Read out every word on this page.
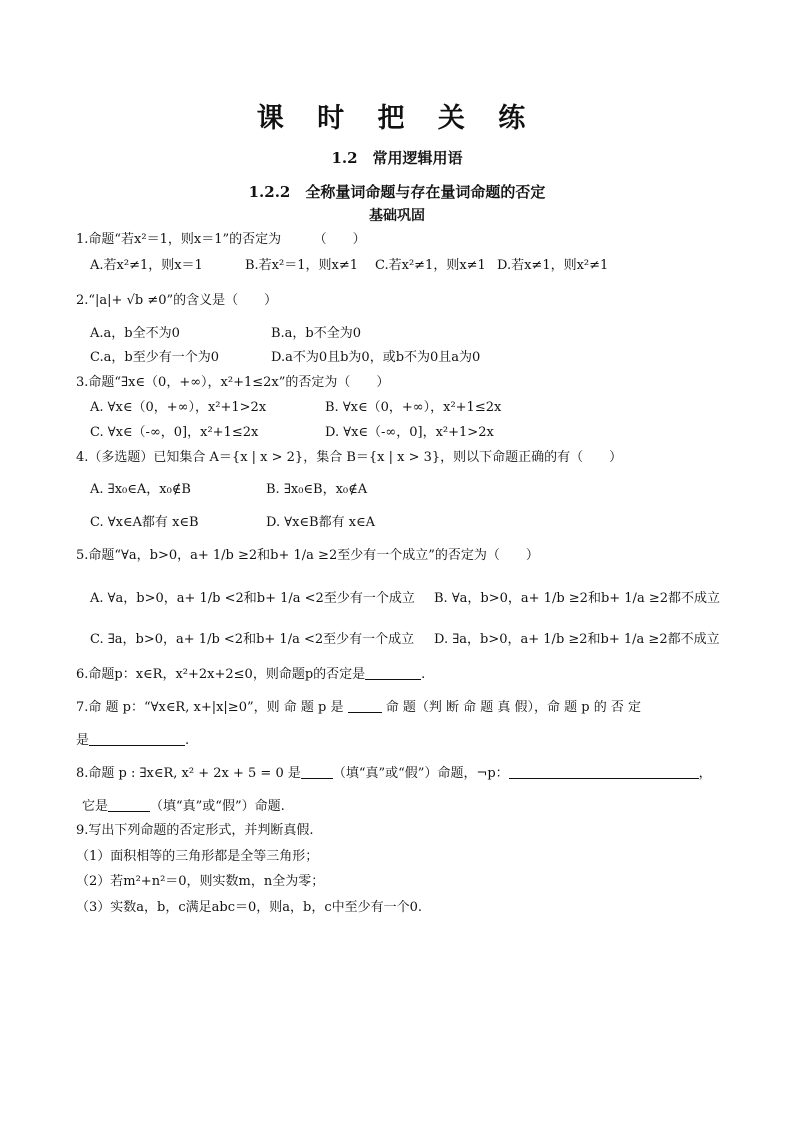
课 时 把 关 练
1.2　常用逻辑用语
1.2.2　全称量词命题与存在量词命题的否定
基础巩固
1.命题“若x²＝1，则x＝1”的否定为　　　（　　）
A.若x²≠1，则x＝1	B.若x²＝1，则x≠1 C.若x²≠1，则x≠1 D.若x≠1，则x²≠1
2.“|a|+ √b ≠0”的含义是（　　）
A.a，b全不为0	B.a，b不全为0
C.a，b至少有一个为0	D.a不为0且b为0，或b不为0且a为0
3.命题“∃x∈（0，+∞），x²+1≤2x”的否定为（　　）
A. ∀x∈（0，+∞），x²+1>2x	B. ∀x∈（0，+∞），x²+1≤2x
C. ∀x∈（-∞，0]，x²+1≤2x	D. ∀x∈（-∞，0]，x²+1>2x
4.（多选题）已知集合 A＝{x | x > 2}，集合 B＝{x | x > 3}，则以下命题正确的有（　　）
A. ∃x₀∈A，x₀∉B	B. ∃x₀∈B，x₀∉A
C. ∀x∈A都有 x∈B	D. ∀x∈B都有 x∈A
5.命题“∀a，b>0，a+ 1/b ≥2和b+ 1/a ≥2至少有一个成立”的否定为（　　）
A. ∀a，b>0，a+ 1/b <2和b+ 1/a <2至少有一个成立 B. ∀a，b>0，a+ 1/b ≥2和b+ 1/a ≥2都不成立
C. ∃a，b>0，a+ 1/b <2和b+ 1/a <2至少有一个成立 D. ∃a，b>0，a+ 1/b ≥2和b+ 1/a ≥2都不成立
6.命题p：x∈R，x²+2x+2≤0，则命题p的否定是	.
7.命 题 p：“∀x∈R, x+|x|≥0”，则 命 题 p 是	命 题（判 断 命 题 真 假），命 题 p 的 否 定
是	.
8.命题 p : ∃x∈R, x² + 2x + 5 = 0 是 （填“真”或“假”）命题，¬p：	，
它是	（填“真”或“假”）命题.
9.写出下列命题的否定形式，并判断真假.
（1）面积相等的三角形都是全等三角形；
（2）若m²+n²＝0，则实数m，n全为零；
（3）实数a，b，c满足abc＝0，则a，b，c中至少有一个0.
